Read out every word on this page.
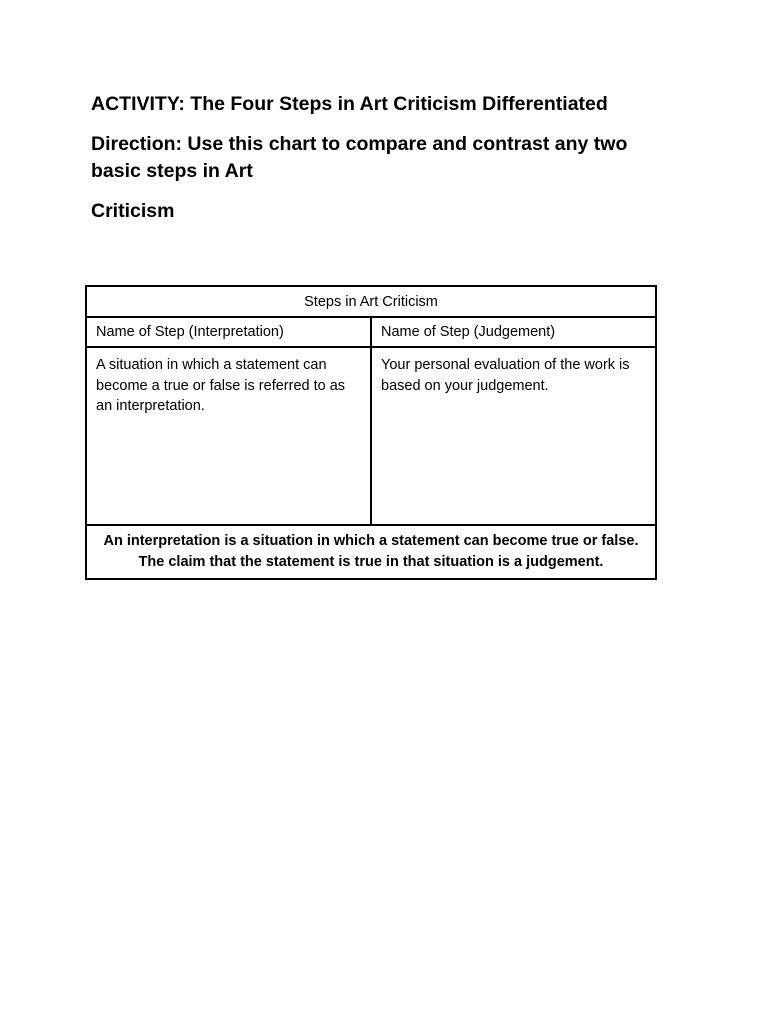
ACTIVITY: The Four Steps in Art Criticism Differentiated

Direction: Use this chart to compare and contrast any two basic steps in Art

Criticism

Steps in Art Criticism	
Name of Step (Interpretation)	Name of Step (Judgement)
A situation in which a statement can become a true or false is referred to as an interpretation.	Your personal evaluation of the work is based on your judgement.
An interpretation is a situation in which a statement can become true or false. The claim that the statement is true in that situation is a judgement.	
